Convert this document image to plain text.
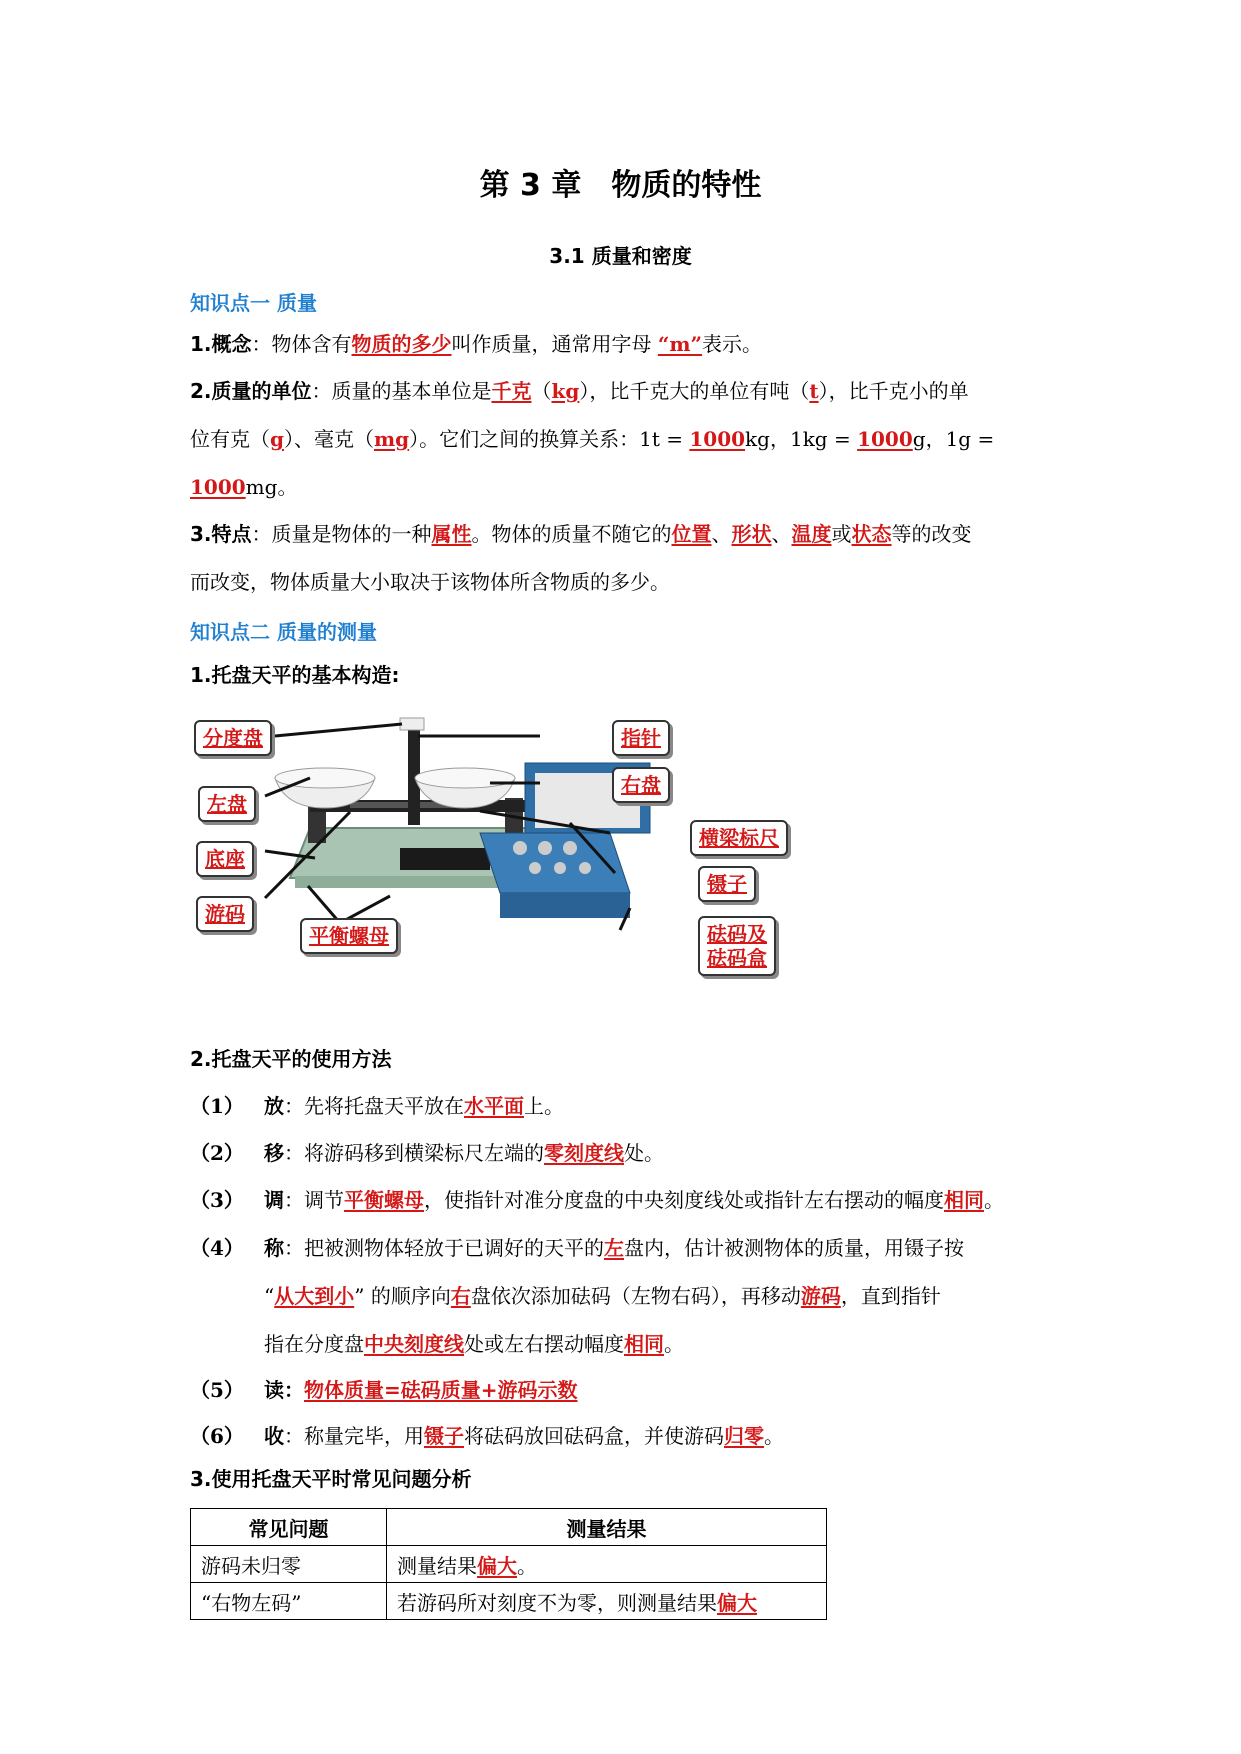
第 3 章　物质的特性
3.1 质量和密度
知识点一 质量
1.概念：物体含有物质的多少叫作质量，通常用字母 “m”表示。
2.质量的单位：质量的基本单位是千克（kg），比千克大的单位有吨（t），比千克小的单
位有克（g）、毫克（mg）。它们之间的换算关系：1t = 1000kg，1kg = 1000g，1g =
1000mg。
3.特点：质量是物体的一种属性。物体的质量不随它的位置、形状、温度或状态等的改变
而改变，物体质量大小取决于该物体所含物质的多少。
知识点二 质量的测量
1.托盘天平的基本构造:
分度盘	指针
右盘
左盘
横梁标尺
底座
镊子
游码
平衡螺母	砝码及
砝码盒
2.托盘天平的使用方法
（1） 放：先将托盘天平放在水平面上。
（2） 移：将游码移到横梁标尺左端的零刻度线处。
（3） 调：调节平衡螺母，使指针对准分度盘的中央刻度线处或指针左右摆动的幅度相同。
（4） 称：把被测物体轻放于已调好的天平的左盘内，估计被测物体的质量，用镊子按
“从大到小” 的顺序向右盘依次添加砝码（左物右码），再移动游码，直到指针
指在分度盘中央刻度线处或左右摆动幅度相同。
（5） 读：物体质量=砝码质量+游码示数
（6） 收：称量完毕，用镊子将砝码放回砝码盒，并使游码归零。
3.使用托盘天平时常见问题分析
常见问题	测量结果
游码未归零	测量结果偏大。
“右物左码”	若游码所对刻度不为零，则测量结果偏大
